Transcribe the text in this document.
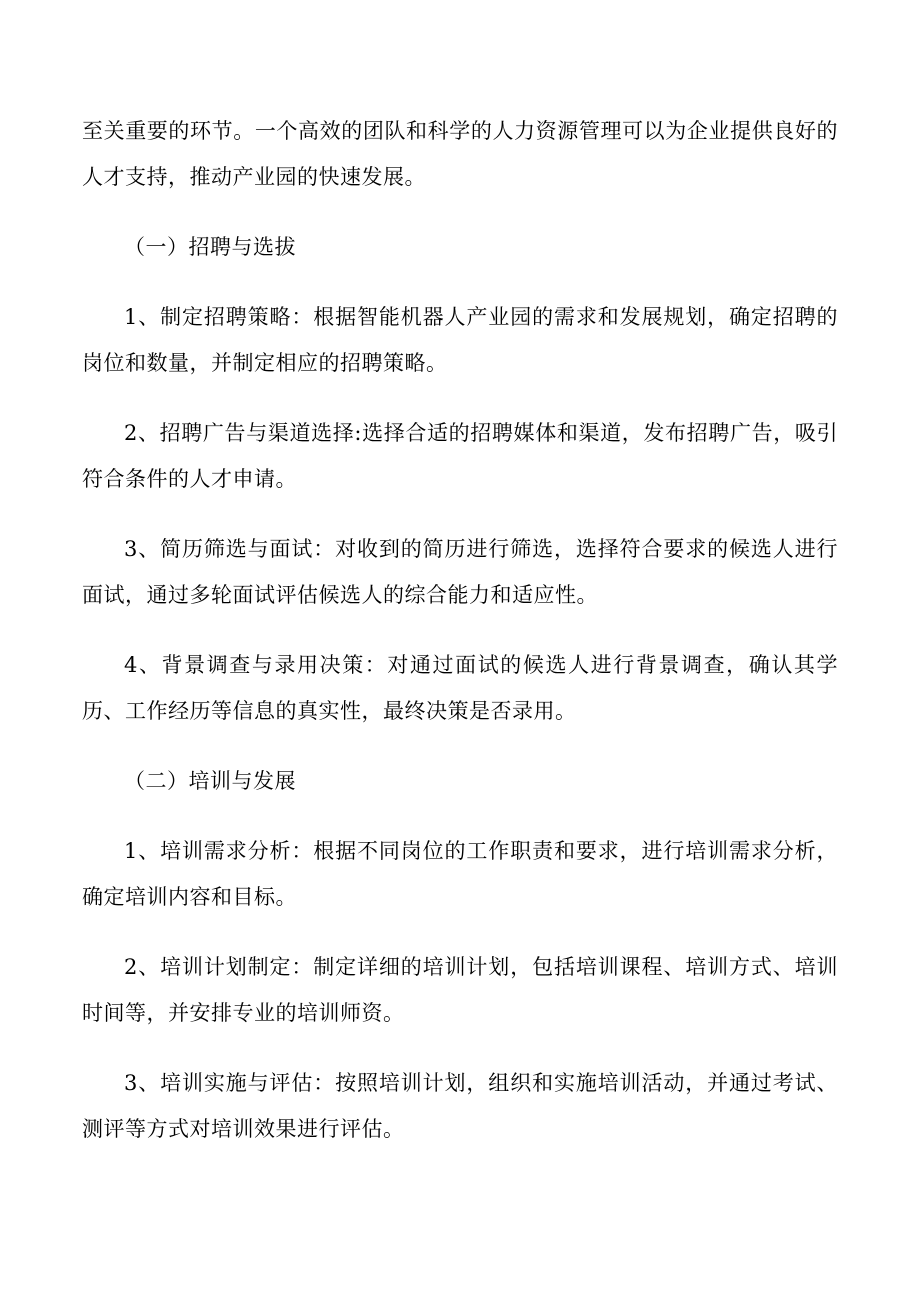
至关重要的环节。一个高效的团队和科学的人力资源管理可以为企业提供良好的人才支持，推动产业园的快速发展。

（一）招聘与选拔

1、制定招聘策略：根据智能机器人产业园的需求和发展规划，确定招聘的岗位和数量，并制定相应的招聘策略。

2、招聘广告与渠道选择:选择合适的招聘媒体和渠道，发布招聘广告，吸引符合条件的人才申请。

3、简历筛选与面试：对收到的简历进行筛选，选择符合要求的候选人进行面试，通过多轮面试评估候选人的综合能力和适应性。

4、背景调查与录用决策：对通过面试的候选人进行背景调查，确认其学历、工作经历等信息的真实性，最终决策是否录用。

（二）培训与发展

1、培训需求分析：根据不同岗位的工作职责和要求，进行培训需求分析，确定培训内容和目标。

2、培训计划制定：制定详细的培训计划，包括培训课程、培训方式、培训时间等，并安排专业的培训师资。

3、培训实施与评估：按照培训计划，组织和实施培训活动，并通过考试、测评等方式对培训效果进行评估。
